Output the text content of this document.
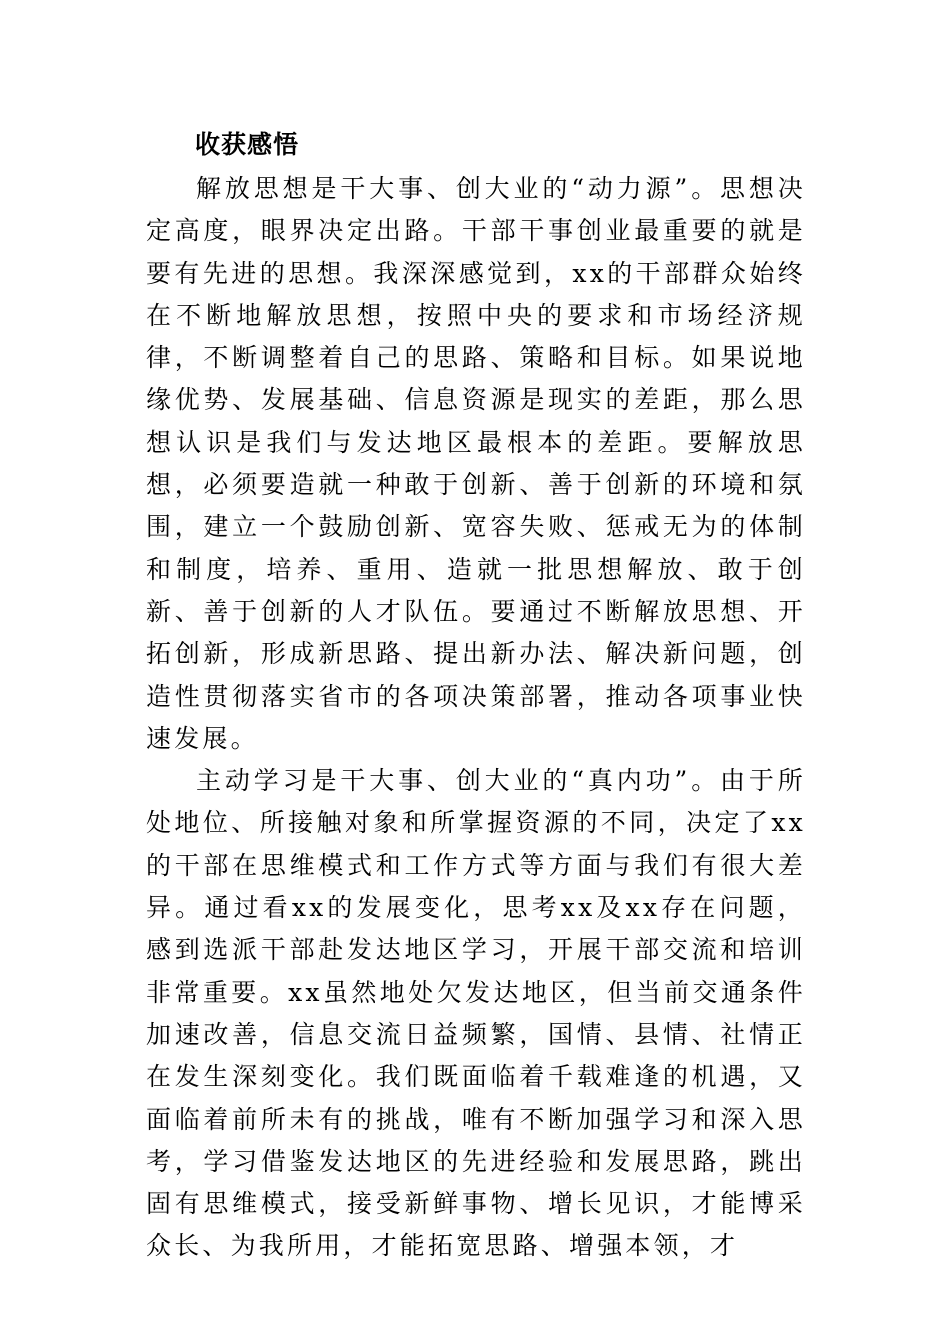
收获感悟

解放思想是干大事、创大业的“动力源”。思想决定高度，眼界决定出路。干部干事创业最重要的就是要有先进的思想。我深深感觉到，xx的干部群众始终在不断地解放思想，按照中央的要求和市场经济规律，不断调整着自己的思路、策略和目标。如果说地缘优势、发展基础、信息资源是现实的差距，那么思想认识是我们与发达地区最根本的差距。要解放思想，必须要造就一种敢于创新、善于创新的环境和氛围，建立一个鼓励创新、宽容失败、惩戒无为的体制和制度，培养、重用、造就一批思想解放、敢于创新、善于创新的人才队伍。要通过不断解放思想、开拓创新，形成新思路、提出新办法、解决新问题，创造性贯彻落实省市的各项决策部署，推动各项事业快速发展。

主动学习是干大事、创大业的“真内功”。由于所处地位、所接触对象和所掌握资源的不同，决定了xx的干部在思维模式和工作方式等方面与我们有很大差异。通过看xx的发展变化，思考xx及xx存在问题，感到选派干部赴发达地区学习，开展干部交流和培训非常重要。xx虽然地处欠发达地区，但当前交通条件加速改善，信息交流日益频繁，国情、县情、社情正在发生深刻变化。我们既面临着千载难逢的机遇，又面临着前所未有的挑战，唯有不断加强学习和深入思考，学习借鉴发达地区的先进经验和发展思路，跳出固有思维模式，接受新鲜事物、增长见识，才能博采众长、为我所用，才能拓宽思路、增强本领，才
